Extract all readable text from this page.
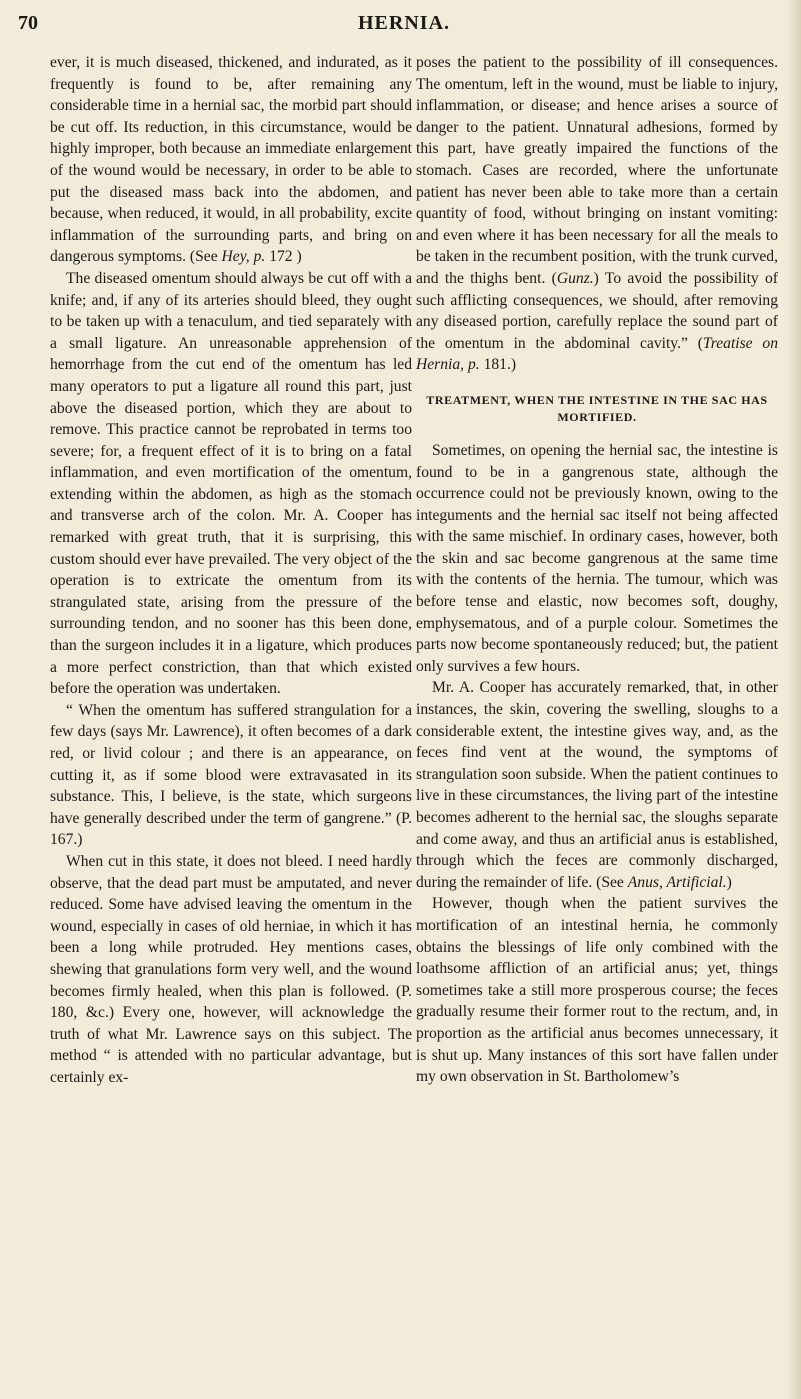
70	HERNIA.

ever, it is much diseased, thickened, and indurated, as it frequently is found to be, after remaining any considerable time in a hernial sac, the morbid part should be cut off. Its reduction, in this circumstance, would be highly improper, both because an immediate enlargement of the wound would be necessary, in order to be able to put the diseased mass back into the abdomen, and because, when reduced, it would, in all probability, excite inflammation of the surrounding parts, and bring on dangerous symptoms. (See Hey, p. 172 )

The diseased omentum should always be cut off with a knife; and, if any of its arteries should bleed, they ought to be taken up with a tenaculum, and tied separately with a small ligature. An unreasonable apprehension of hemorrhage from the cut end of the omentum has led many operators to put a ligature all round this part, just above the diseased portion, which they are about to remove. This practice cannot be reprobated in terms too severe; for, a frequent effect of it is to bring on a fatal inflammation, and even mortification of the omentum, extending within the abdomen, as high as the stomach and transverse arch of the colon. Mr. A. Cooper has remarked with great truth, that it is surprising, this custom should ever have prevailed. The very object of the operation is to extricate the omentum from its strangulated state, arising from the pressure of the surrounding tendon, and no sooner has this been done, than the surgeon includes it in a ligature, which produces a more perfect constriction, than that which existed before the operation was undertaken.

“ When the omentum has suffered strangulation for a few days (says Mr. Lawrence), it often becomes of a dark red, or livid colour ; and there is an appearance, on cutting it, as if some blood were extravasated in its substance. This, I believe, is the state, which surgeons have generally described under the term of gangrene.” (P. 167.)

When cut in this state, it does not bleed. I need hardly observe, that the dead part must be amputated, and never reduced. Some have advised leaving the omentum in the wound, especially in cases of old herniae, in which it has been a long while protruded. Hey mentions cases, shewing that granulations form very well, and the wound becomes firmly healed, when this plan is followed. (P. 180, &c.) Every one, however, will acknowledge the truth of what Mr. Lawrence says on this subject. The method “ is attended with no particular advantage, but certainly ex-

poses the patient to the possibility of ill consequences. The omentum, left in the wound, must be liable to injury, inflammation, or disease; and hence arises a source of danger to the patient. Unnatural adhesions, formed by this part, have greatly impaired the functions of the stomach. Cases are recorded, where the unfortunate patient has never been able to take more than a certain quantity of food, without bringing on instant vomiting: and even where it has been necessary for all the meals to be taken in the recumbent position, with the trunk curved, and the thighs bent. (Gunz.) To avoid the possibility of such afflicting consequences, we should, after removing any diseased portion, carefully replace the sound part of the omentum in the abdominal cavity.” (Treatise on Hernia, p. 181.)

TREATMENT, WHEN THE INTESTINE IN THE SAC HAS MORTIFIED.

Sometimes, on opening the hernial sac, the intestine is found to be in a gangrenous state, although the occurrence could not be previously known, owing to the integuments and the hernial sac itself not being affected with the same mischief. In ordinary cases, however, both the skin and sac become gangrenous at the same time with the contents of the hernia. The tumour, which was before tense and elastic, now becomes soft, doughy, emphysematous, and of a purple colour. Sometimes the parts now become spontaneously reduced; but, the patient only survives a few hours.

Mr. A. Cooper has accurately remarked, that, in other instances, the skin, covering the swelling, sloughs to a considerable extent, the intestine gives way, and, as the feces find vent at the wound, the symptoms of strangulation soon subside. When the patient continues to live in these circumstances, the living part of the intestine becomes adherent to the hernial sac, the sloughs separate and come away, and thus an artificial anus is established, through which the feces are commonly discharged, during the remainder of life. (See Anus, Artificial.)

However, though when the patient survives the mortification of an intestinal hernia, he commonly obtains the blessings of life only combined with the loathsome affliction of an artificial anus; yet, things sometimes take a still more prosperous course; the feces gradually resume their former rout to the rectum, and, in proportion as the artificial anus becomes unnecessary, it is shut up. Many instances of this sort have fallen under my own observation in St. Bartholomew’s
